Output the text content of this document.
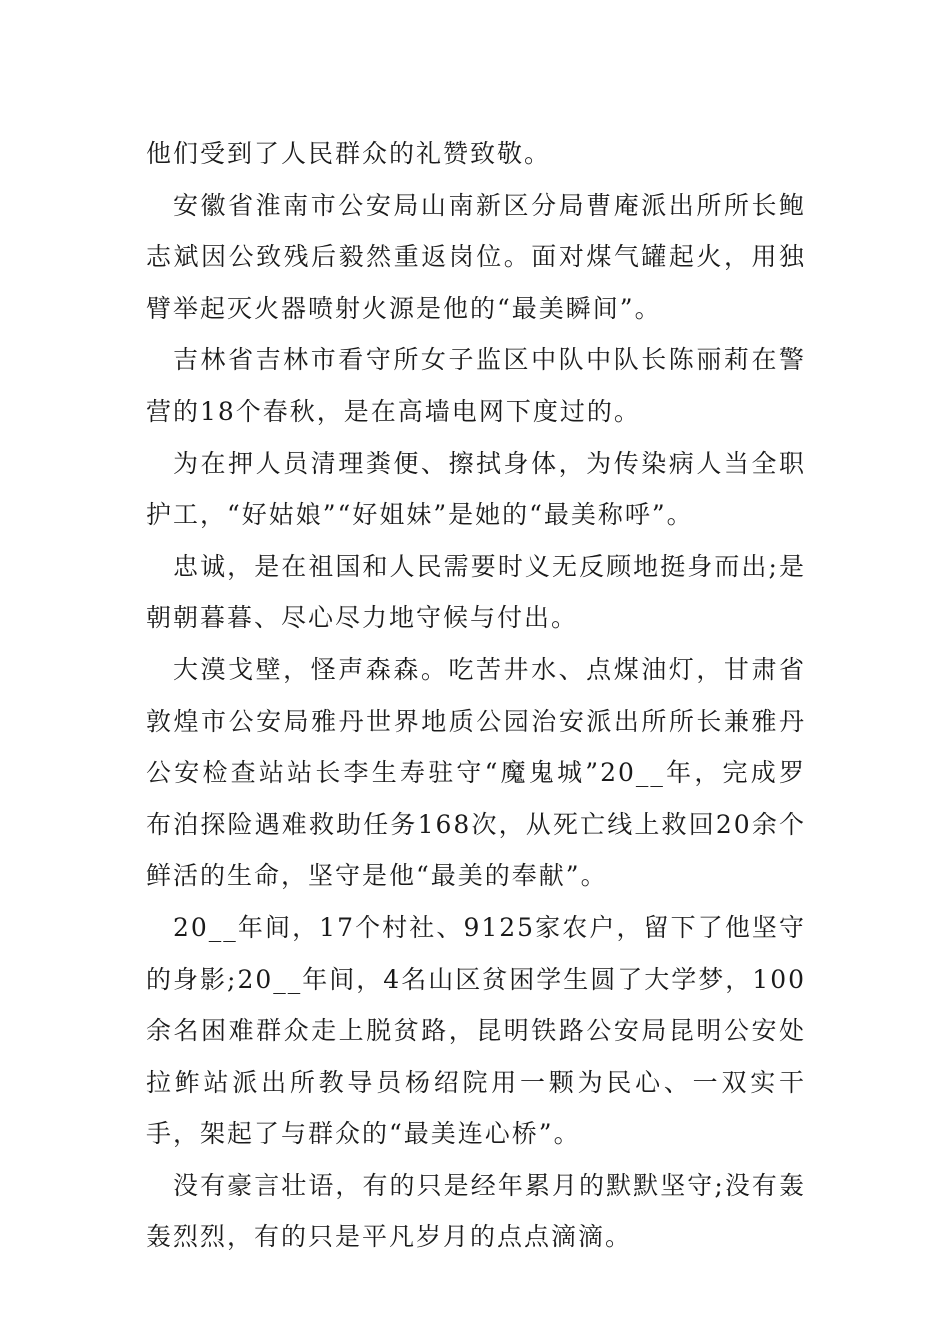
他们受到了人民群众的礼赞致敬。

安徽省淮南市公安局山南新区分局曹庵派出所所长鲍志斌因公致残后毅然重返岗位。面对煤气罐起火，用独臂举起灭火器喷射火源是他的“最美瞬间”。

吉林省吉林市看守所女子监区中队中队长陈丽莉在警营的18个春秋，是在高墙电网下度过的。

为在押人员清理粪便、擦拭身体，为传染病人当全职护工，“好姑娘”“好姐妹”是她的“最美称呼”。

忠诚，是在祖国和人民需要时义无反顾地挺身而出;是朝朝暮暮、尽心尽力地守候与付出。

大漠戈壁，怪声森森。吃苦井水、点煤油灯，甘肃省敦煌市公安局雅丹世界地质公园治安派出所所长兼雅丹公安检查站站长李生寿驻守“魔鬼城”20__年，完成罗布泊探险遇难救助任务168次，从死亡线上救回20余个鲜活的生命，坚守是他“最美的奉献”。

20__年间，17个村社、9125家农户，留下了他坚守的身影;20__年间，4名山区贫困学生圆了大学梦，100余名困难群众走上脱贫路，昆明铁路公安局昆明公安处拉鲊站派出所教导员杨绍院用一颗为民心、一双实干手，架起了与群众的“最美连心桥”。

没有豪言壮语，有的只是经年累月的默默坚守;没有轰轰烈烈，有的只是平凡岁月的点点滴滴。
